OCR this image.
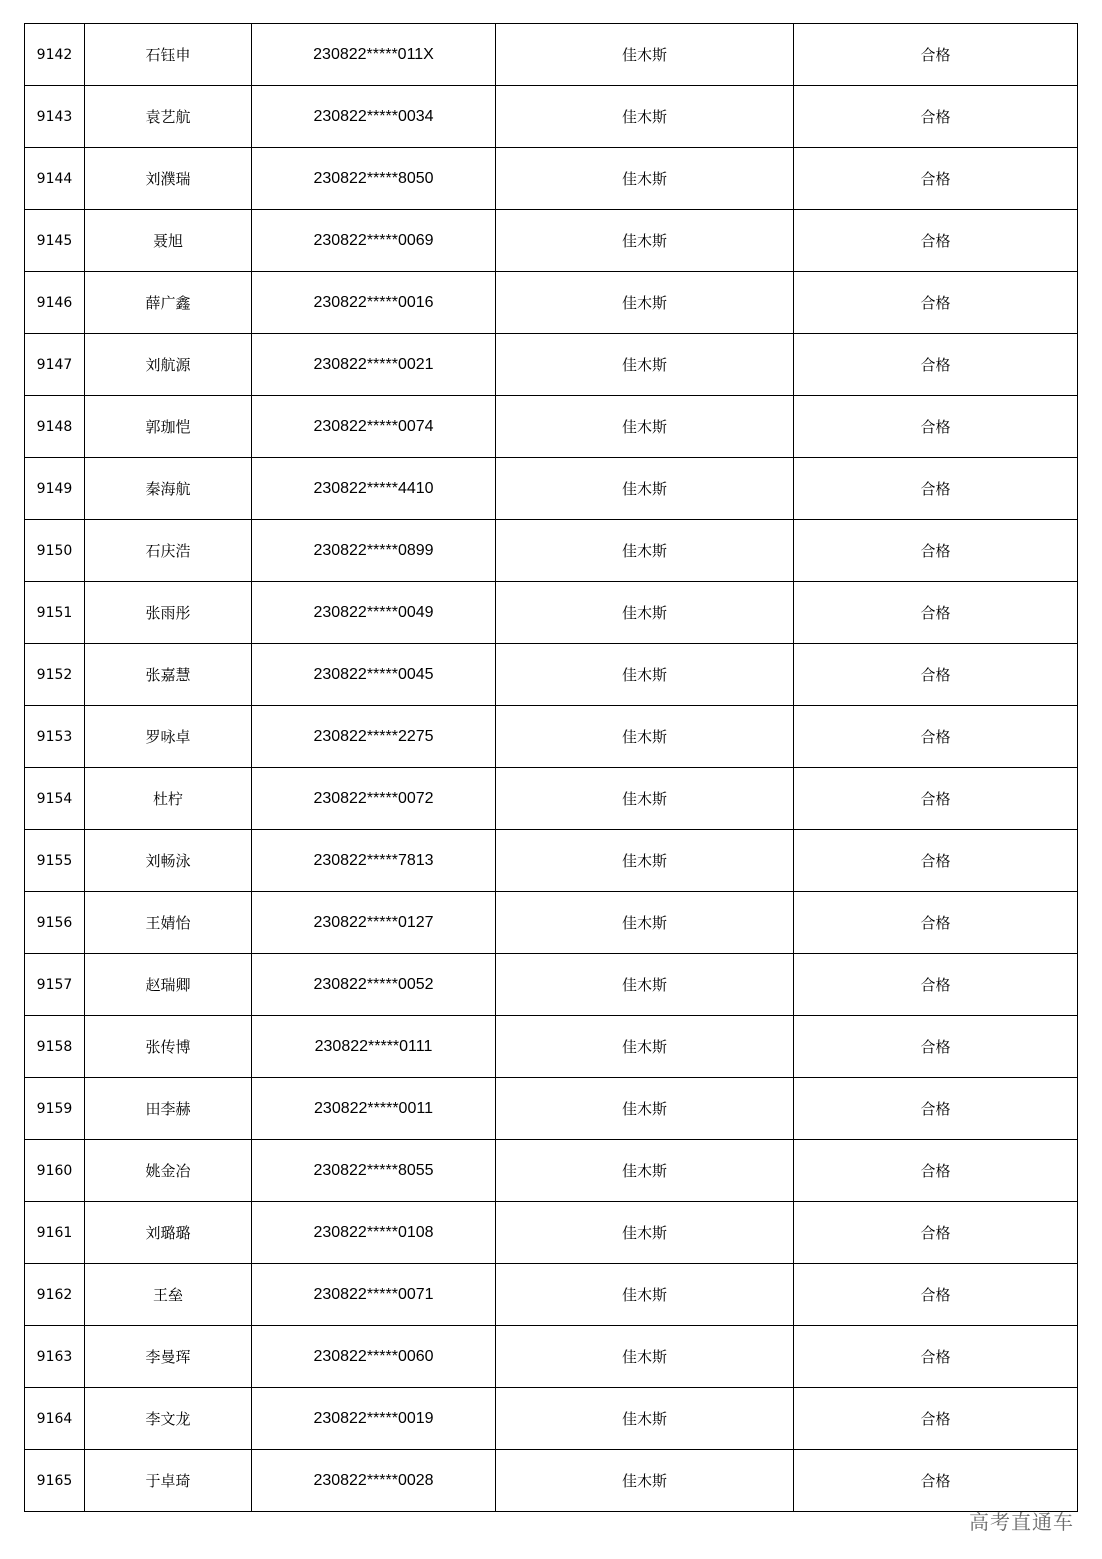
9142	石钰申	230822*****011X	佳木斯	合格
9143	袁艺航	230822*****0034	佳木斯	合格
9144	刘濮瑞	230822*****8050	佳木斯	合格
9145	聂旭	230822*****0069	佳木斯	合格
9146	薛广鑫	230822*****0016	佳木斯	合格
9147	刘航源	230822*****0021	佳木斯	合格
9148	郭珈恺	230822*****0074	佳木斯	合格
9149	秦海航	230822*****4410	佳木斯	合格
9150	石庆浩	230822*****0899	佳木斯	合格
9151	张雨彤	230822*****0049	佳木斯	合格
9152	张嘉慧	230822*****0045	佳木斯	合格
9153	罗咏卓	230822*****2275	佳木斯	合格
9154	杜柠	230822*****0072	佳木斯	合格
9155	刘畅泳	230822*****7813	佳木斯	合格
9156	王婧怡	230822*****0127	佳木斯	合格
9157	赵瑞卿	230822*****0052	佳木斯	合格
9158	张传博	230822*****0111	佳木斯	合格
9159	田李赫	230822*****0011	佳木斯	合格
9160	姚金冶	230822*****8055	佳木斯	合格
9161	刘璐璐	230822*****0108	佳木斯	合格
9162	王垒	230822*****0071	佳木斯	合格
9163	李曼珲	230822*****0060	佳木斯	合格
9164	李文龙	230822*****0019	佳木斯	合格
9165	于卓琦	230822*****0028	佳木斯	合格
高考直通车
